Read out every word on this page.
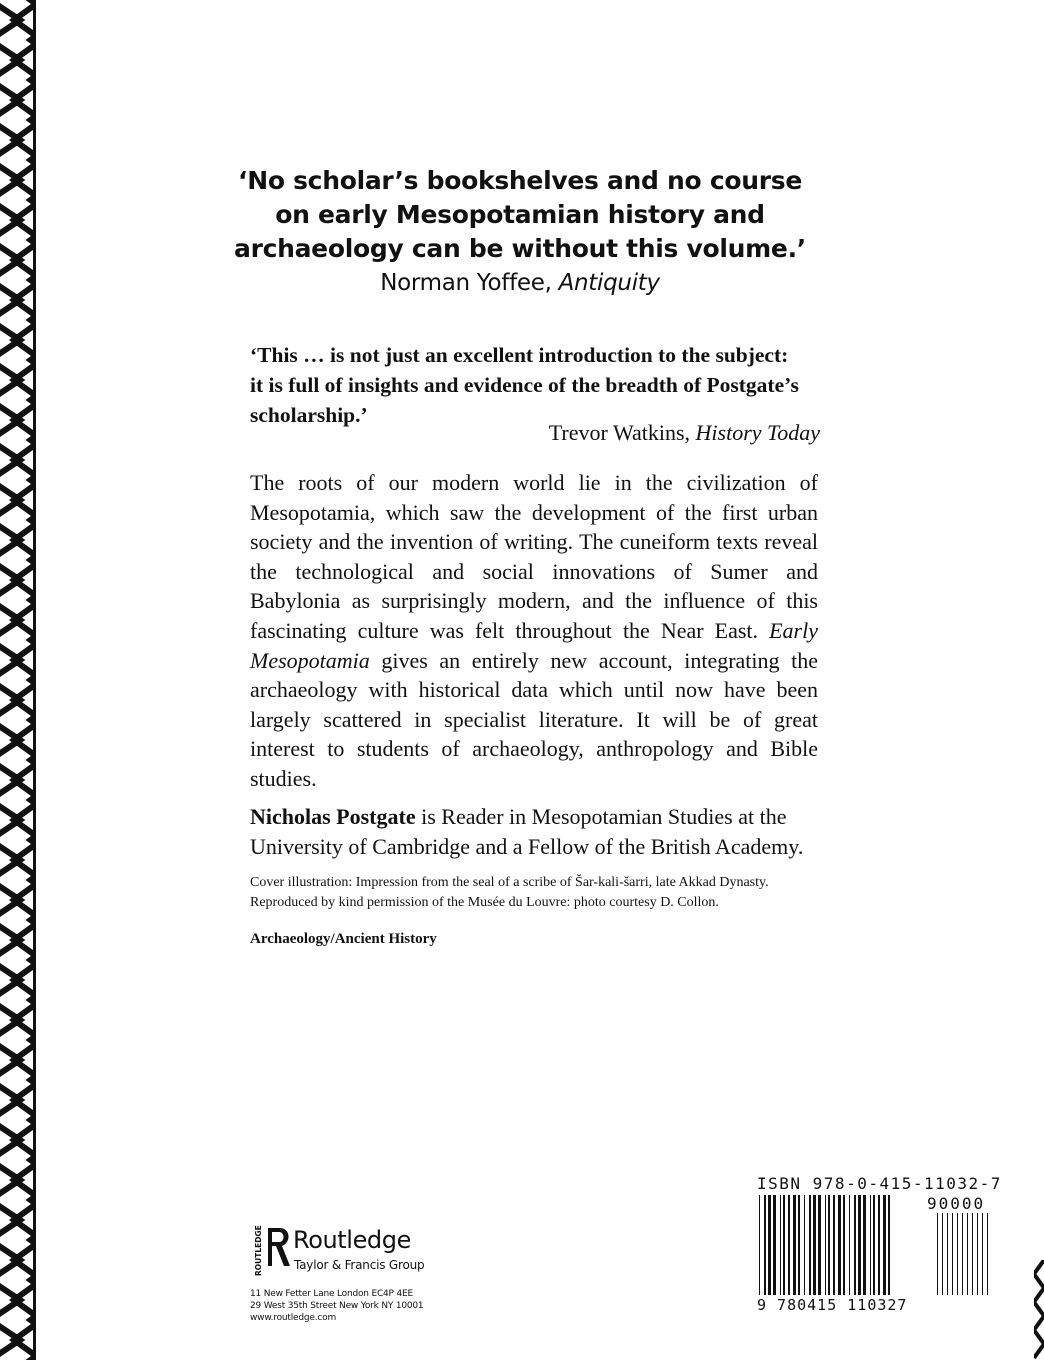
‘No scholar’s bookshelves and no course
on early Mesopotamian history and
archaeology can be without this volume.’
Norman Yoffee, Antiquity
‘This … is not just an excellent introduction to the subject:
it is full of insights and evidence of the breadth of Postgate’s
scholarship.’
Trevor Watkins, History Today
The roots of our modern world lie in the civilization of Mesopotamia, which saw the development of the first urban society and the invention of writing. The cuneiform texts reveal the technological and social innovations of Sumer and Babylonia as surprisingly modern, and the influence of this fascinating culture was felt throughout the Near East. Early Mesopotamia gives an entirely new account, integrating the archaeology with historical data which until now have been largely scattered in specialist literature. It will be of great interest to students of archaeology, anthropology and Bible studies.
Nicholas Postgate is Reader in Mesopotamian Studies at the
University of Cambridge and a Fellow of the British Academy.
Cover illustration: Impression from the seal of a scribe of Šar-kali-šarri, late Akkad Dynasty.
Reproduced by kind permission of the Musée du Louvre: photo courtesy D. Collon.
Archaeology/Ancient History
ROUTLEDGE Routledge
Taylor & Francis Group
11 New Fetter Lane London EC4P 4EE
29 West 35th Street New York NY 10001
www.routledge.com
ISBN 978-0-415-11032-7
90000
9 780415 110327
